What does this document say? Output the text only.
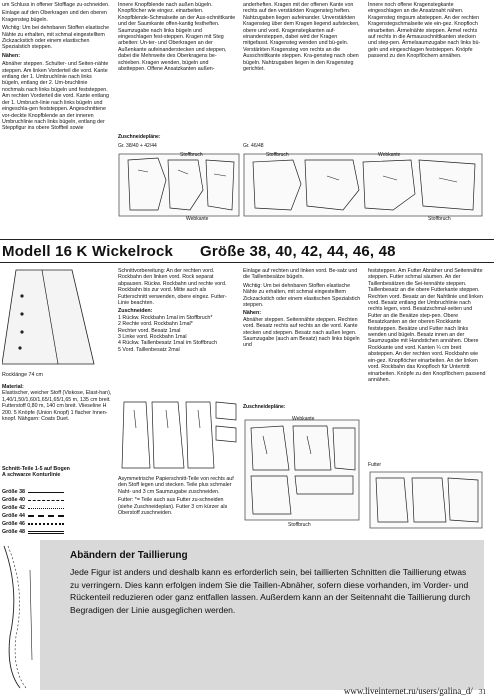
um Schluss in offener Stofflage zu-schneiden.

Einlage auf den Oberkragen und den oberen Kragensteg bügeln.

Wichtig: Um bei dehnbaren Stoffen elastische Nähte zu erhalten, mit schmal eingestelltem Zickzackstich oder einem elastischen Spezialstich steppen.

Nähen:

Abnäher steppen. Schulter- und Seiten-nähte steppen. Am linken Vorderteil die vord. Kante entlang der 1. Umbruchlinie nach links bügeln, entlang der 2. Um-bruchlinie nochmals nach links bügeln und feststeppen. Am rechten Vorderteil die vord. Kante entlang der 1. Umbruch-linie nach links bügeln und eingeschla-gen feststeppen. Angeschnittene vor-deckte Knopfblende an der inneren Umbruchlinie nach links bügeln, entlang der Steppfigur ins obere Stoffteil sowie

Innere Knopfblende nach außen bügeln. Knopflöcher wie eingez. einarbeiten. Knopfblende-Schmalseite an der Aus-schnittkante und der Saumkante offen-kantig festheften. Saumzugabe nach links bügeln und eingeschlagen fest-steppen. Kragen mit Steg arbeiten: Un-ter- und Oberkragen an der Außenkante aufeinanderstecken und steppen, dabei die Mehrweite des Oberkragens be-schieben. Kragen wenden, bügeln und abstteppen. Offene Ansatzkanten außen-

anderheften. Kragen mit der offenen Kante von rechts auf den verstärkten Kragensteg heften. Nahtzugaben liegen aufeinander. Unverstärkten Kragensteg über dem Kragen liegend aufstecken, obere und vord. Kragenstegkanten auf-einandersteppen, dabei wird der Kragen mitgefasst. Kragensteg wenden und bü-geln. Verstärkten Kragensteg von rechts an die Ausschnittkante steppen. Kra-gensteg nach oben bügeln. Nahtzugaben liegen in den Kragensteg gerichtet.

Innere noch offene Kragenstegkante eingeschlagen an die Ansatznaht nähen. Kragensteg ringsum absteppen. An der rechten Kragenstegschmalseite wie ein-gez. Knopfloch einarbeiten. Ärmelnähte steppen. Ärmel rechts auf rechts in die Armausschnittkanten stecken und step-pen. Ärmelsaumzugabe nach links bü-geln und eingeschlagen feststeppen. Knöpfe passend zu den Knopflöchern annähen.

Zuschneidepläne:
Gr. 38/40 + 42/44	Gr. 46/48
Stoffbruch
Webkante
Stoffbruch	Webkante
Stoffbruch
Modell 16 K Wickelrock	Größe 38, 40, 42, 44, 46, 48
Rocklänge 74 cm

Material:

Elastischer, weicher Stoff (Viskose, Elast-han), 1,40/1,50/1,60/1,65/1,65/1,65 m, 135 cm breit. Futterstoff 0,80 m, 140 cm breit. Vlieseline H 200. 5 Knöpfe (Union Knopf) 1 flacher Innen-knopf. Nähgarn: Coats Duet.

Schnitt-Teile 1-5 auf Bogen A schwarze Konturlinie
Größe 38
Größe 40
Größe 42
Größe 44
Größe 46
Größe 48

Schnittvorbereitung: An der rechten vord. Rockbahn den linken vord. Rock separat abpausen. Rückw. Rockbahn und rechte vord. Rockbahn bis zur vord. Mitte auch als Futterschnitt verwenden, obere eingez. Futter-Linie beachten.

Zuschneiden:

1 Rückw. Rockbahn 1mal im Stoffbruch*

2 Rechte vord. Rockbahn 1mal*

Rechter vord. Besatz 1mal

3 Linke vord. Rockbahn 1mal

4 Rückw. Taillenbesatz 1mal im Stoffbruch

5 Vord. Taillenbesatz 2mal

Asymmetrische Papierschnitt-Teile von rechts auf den Stoff legen und stecken. Teile plus schmaler Naht- und 3 cm Saumzugabe zuschneiden.

Futter: *= Teile auch aus Futter zu-schneiden (siehe Zuschneideplan). Futter 3 cm kürzer als Oberstoff zuschneiden.

Einlage auf rechten und linken vord. Be-satz und die Taillenbesätze bügeln.

Wichtig: Um bei dehnbaren Stoffen elastische Nähte zu erhalten, mit schmal eingestelltem Zickzackstich oder einem elastischen Spezialstich steppen.

Nähen:

Abnäher steppen. Seitennähte steppen. Rechten vord. Besatz rechts auf rechts an die vord. Kante stecken und steppen. Besatz nach außen legen. Saumzugabe (auch am Besatz) nach links bügeln und

Zuschneidepläne:
Webkante
Stoffbruch

feststeppen. Am Futter Abnäher und Seitennähte steppen. Futter schmal säumen. An der Taillenbesätzen die Sei-tennähte steppen. Taillenbesatz an die obere Futterkante steppen. Rechten vord. Besatz an der Nahtlinie und linken vord. Besatz entlang der Umbruchlinie nach rechts legen, vord. Besatzschmal-seiten und Futter an die Besätze step-pen. Obere Besatzkanten an der oberen Rockkante feststeppen. Besätze und Futter nach links wenden und bügeln. Besatz innen an der Saumzugabe mit Handstichen annähen. Obere Rockkante und vord. Kanten ¼ cm breit absteppen. An der rechten vord. Rockbahn wie ein-gez. Knopflöcher einarbeiten. An der linken vord. Rockbahn das Knopfloch für Untertritt einarbeiten. Knöpfe zu den Knopflöchern passend annähen.

Futter
Abändern der Taillierung
Jede Figur ist anders und deshalb kann es erforderlich sein, bei taillierten Schnitten die Taillierung etwas zu verringern. Dies kann erfolgen indem Sie die Taillen-Abnäher, sofern diese vorhanden, im Vorder- und Rückenteil reduzieren oder ganz entfallen lassen. Außerdem kann an der Seitennaht die Taillierung durch Begradigen der Linie ausgeglichen werden.
www.liveinternet.ru/users/galina_d/ 31
